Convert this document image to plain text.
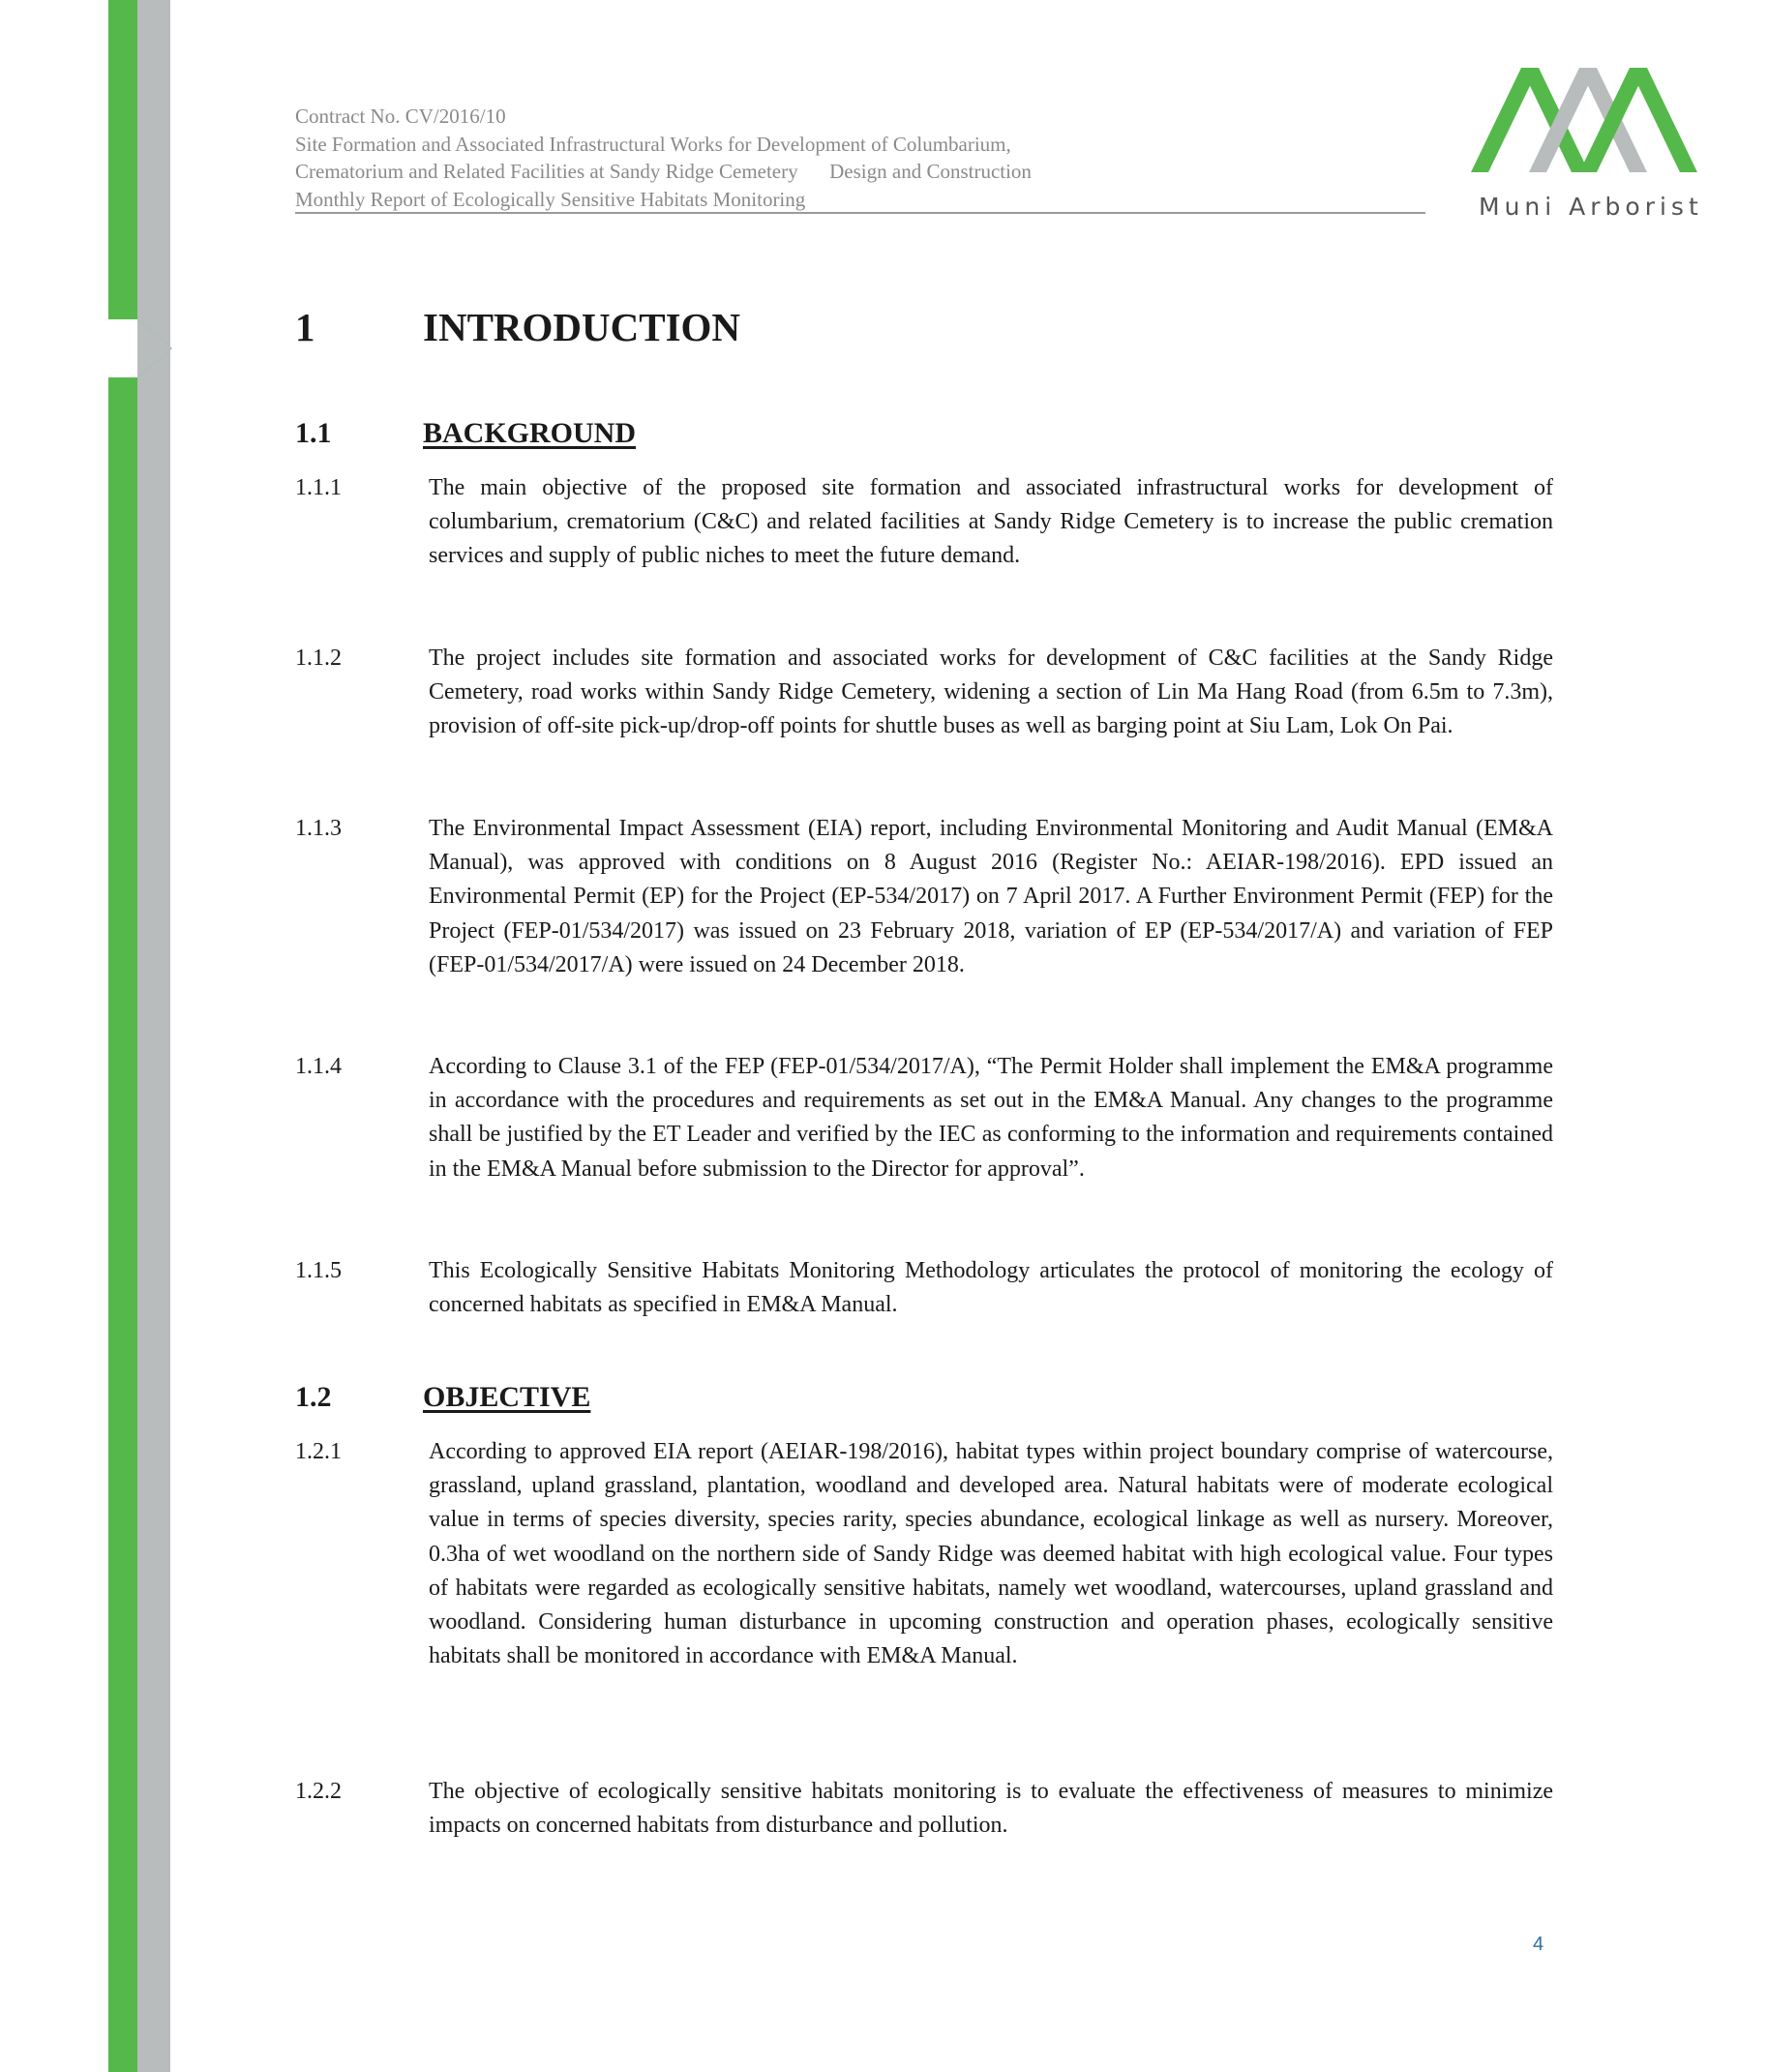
Contract No. CV/2016/10
Site Formation and Associated Infrastructural Works for Development of Columbarium,
Crematorium and Related Facilities at Sandy Ridge Cemetery Design and Construction
Monthly Report of Ecologically Sensitive Habitats Monitoring	Muni Arborist
1	INTRODUCTION
1.1	BACKGROUND
1.1.1	The main objective of the proposed site formation and associated infrastructural works for development of columbarium, crematorium (C&C) and related facilities at Sandy Ridge Cemetery is to increase the public cremation services and supply of public niches to meet the future demand.
1.1.2	The project includes site formation and associated works for development of C&C facilities at the Sandy Ridge Cemetery, road works within Sandy Ridge Cemetery, widening a section of Lin Ma Hang Road (from 6.5m to 7.3m), provision of off-site pick-up/drop-off points for shuttle buses as well as barging point at Siu Lam, Lok On Pai.
1.1.3	The Environmental Impact Assessment (EIA) report, including Environmental Monitoring and Audit Manual (EM&A Manual), was approved with conditions on 8 August 2016 (Register No.: AEIAR-198/2016). EPD issued an Environmental Permit (EP) for the Project (EP-534/2017) on 7 April 2017. A Further Environment Permit (FEP) for the Project (FEP-01/534/2017) was issued on 23 February 2018, variation of EP (EP-534/2017/A) and variation of FEP (FEP-01/534/2017/A) were issued on 24 December 2018.
1.1.4	According to Clause 3.1 of the FEP (FEP-01/534/2017/A), “The Permit Holder shall implement the EM&A programme in accordance with the procedures and requirements as set out in the EM&A Manual. Any changes to the programme shall be justified by the ET Leader and verified by the IEC as conforming to the information and requirements contained in the EM&A Manual before submission to the Director for approval”.
1.1.5	This Ecologically Sensitive Habitats Monitoring Methodology articulates the protocol of monitoring the ecology of concerned habitats as specified in EM&A Manual.
1.2	OBJECTIVE
1.2.1	According to approved EIA report (AEIAR-198/2016), habitat types within project boundary comprise of watercourse, grassland, upland grassland, plantation, woodland and developed area. Natural habitats were of moderate ecological value in terms of species diversity, species rarity, species abundance, ecological linkage as well as nursery. Moreover, 0.3ha of wet woodland on the northern side of Sandy Ridge was deemed habitat with high ecological value. Four types of habitats were regarded as ecologically sensitive habitats, namely wet woodland, watercourses, upland grassland and woodland. Considering human disturbance in upcoming construction and operation phases, ecologically sensitive habitats shall be monitored in accordance with EM&A Manual.
1.2.2	The objective of ecologically sensitive habitats monitoring is to evaluate the effectiveness of measures to minimize impacts on concerned habitats from disturbance and pollution.
4
